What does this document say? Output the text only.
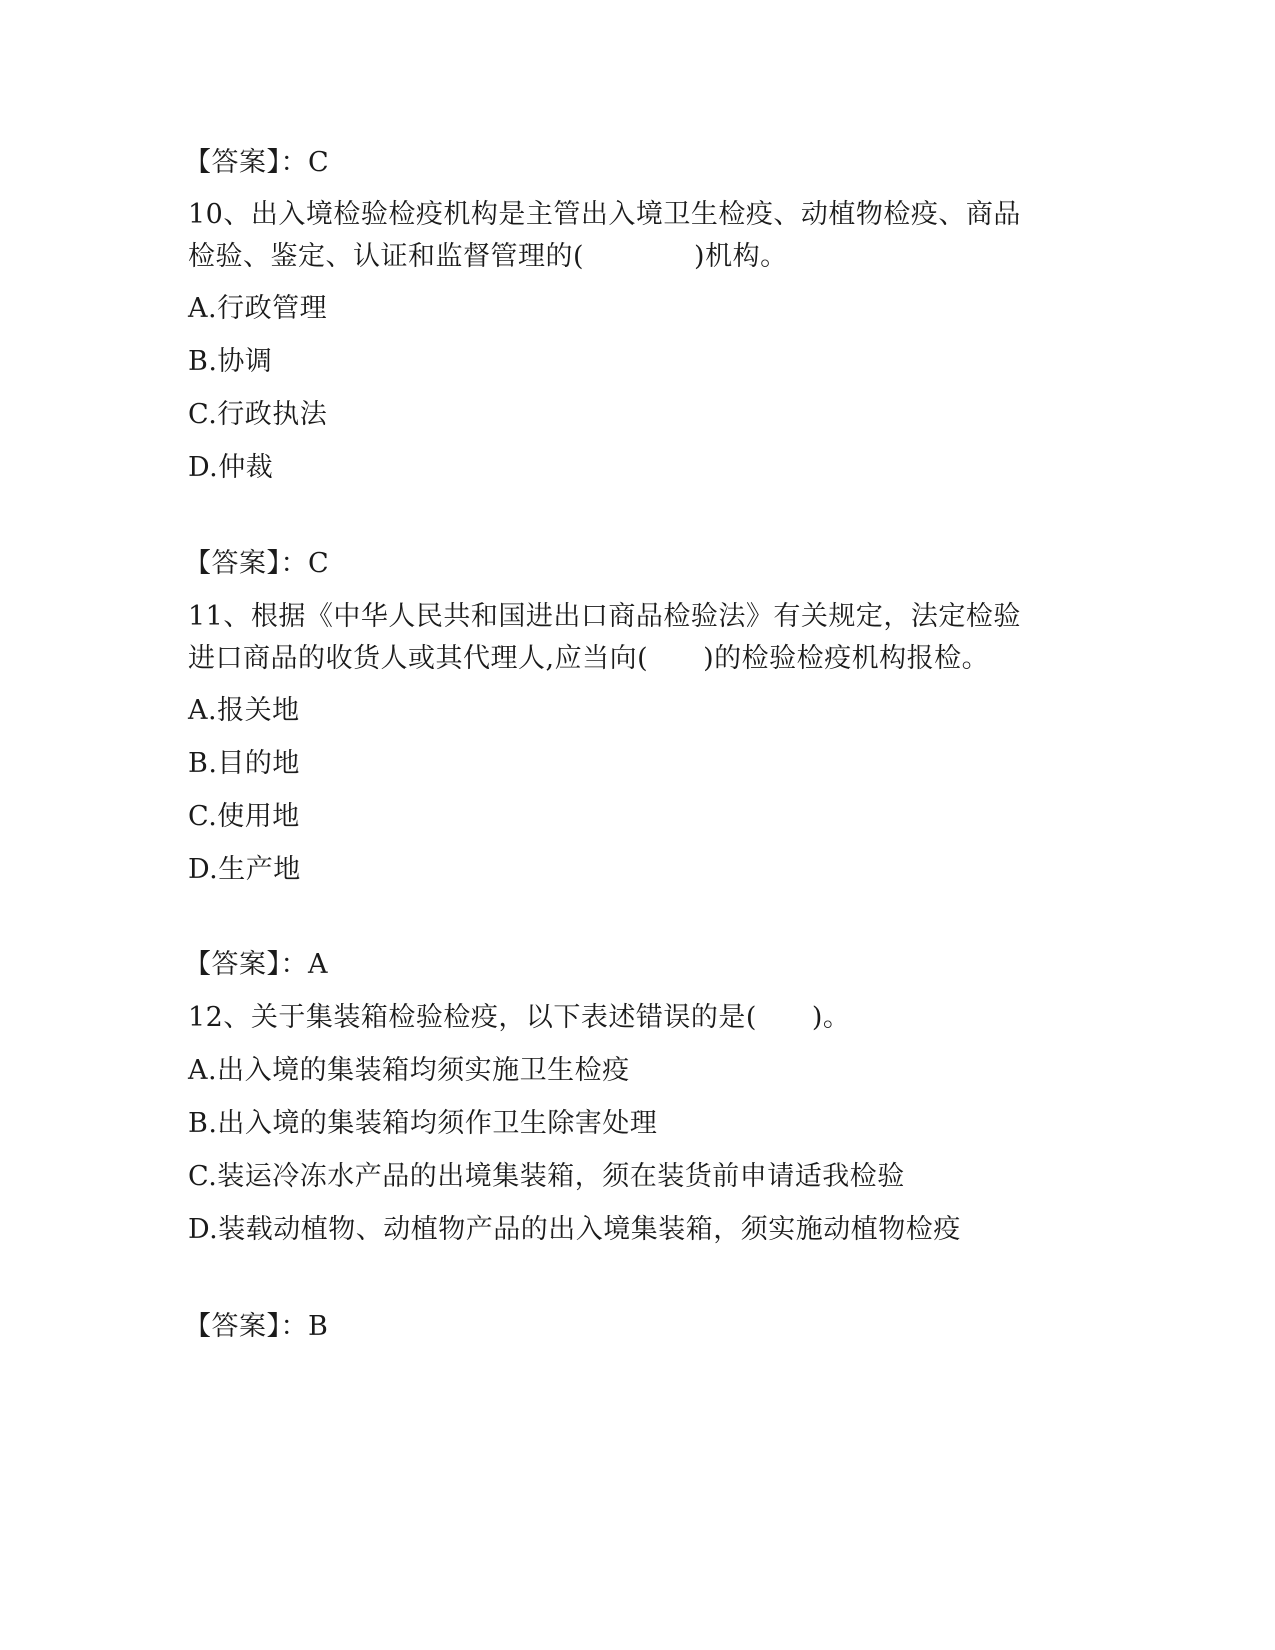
【答案】：C
10、出入境检验检疫机构是主管出入境卫生检疫、动植物检疫、商品
检验、鉴定、认证和监督管理的(　　　　)机构。
A.行政管理
B.协调
C.行政执法
D.仲裁
【答案】：C
11、根据《中华人民共和国进出口商品检验法》有关规定，法定检验
进口商品的收货人或其代理人,应当向(　　)的检验检疫机构报检。
A.报关地
B.目的地
C.使用地
D.生产地
【答案】：A
12、关于集装箱检验检疫，以下表述错误的是(　　)。
A.出入境的集装箱均须实施卫生检疫
B.出入境的集装箱均须作卫生除害处理
C.装运冷冻水产品的出境集装箱，须在装货前申请适我检验
D.装载动植物、动植物产品的出入境集装箱，须实施动植物检疫
【答案】：B
